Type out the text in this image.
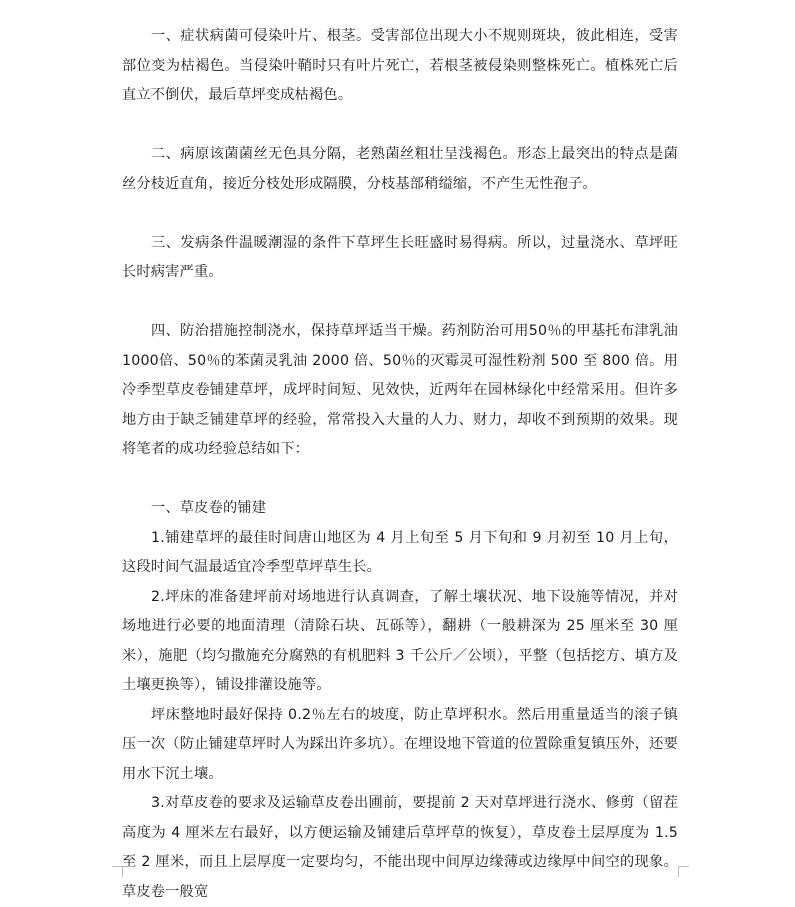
一、症状病菌可侵染叶片、根茎。受害部位出现大小不规则斑块，彼此相连，受害部位变为枯褐色。当侵染叶鞘时只有叶片死亡，若根茎被侵染则整株死亡。植株死亡后直立不倒伏，最后草坪变成枯褐色。

二、病原该菌菌丝无色具分隔，老熟菌丝粗壮呈浅褐色。形态上最突出的特点是菌丝分枝近直角，接近分枝处形成隔膜，分枝基部稍缢缩，不产生无性孢子。

三、发病条件温暖潮湿的条件下草坪生长旺盛时易得病。所以，过量浇水、草坪旺长时病害严重。

四、防治措施控制浇水，保持草坪适当干燥。药剂防治可用50％的甲基托布津乳油 1000倍、50％的苯菌灵乳油 2000 倍、50％的灭霉灵可湿性粉剂 500 至 800 倍。用冷季型草皮卷铺建草坪，成坪时间短、见效快，近两年在园林绿化中经常采用。但许多地方由于缺乏铺建草坪的经验，常常投入大量的人力、财力，却收不到预期的效果。现将笔者的成功经验总结如下：

一、草皮卷的铺建

1.铺建草坪的最佳时间唐山地区为 4 月上旬至 5 月下旬和 9 月初至 10 月上旬，这段时间气温最适宜冷季型草坪草生长。

2.坪床的准备建坪前对场地进行认真调查，了解土壤状况、地下设施等情况，并对场地进行必要的地面清理（清除石块、瓦砾等），翻耕（一般耕深为 25 厘米至 30 厘米），施肥（均匀撒施充分腐熟的有机肥料 3 千公斤／公顷），平整（包括挖方、填方及土壤更换等），铺设排灌设施等。

坪床整地时最好保持 0.2％左右的坡度，防止草坪积水。然后用重量适当的滚子镇压一次（防止铺建草坪时人为踩出许多坑）。在埋设地下管道的位置除重复镇压外，还要用水下沉土壤。

3.对草皮卷的要求及运输草皮卷出圃前，要提前 2 天对草坪进行浇水、修剪（留茬高度为 4 厘米左右最好，以方便运输及铺建后草坪草的恢复），草皮卷土层厚度为 1.5 至 2 厘米，而且上层厚度一定要均匀，不能出现中间厚边缘薄或边缘厚中间空的现象。草皮卷一般宽
